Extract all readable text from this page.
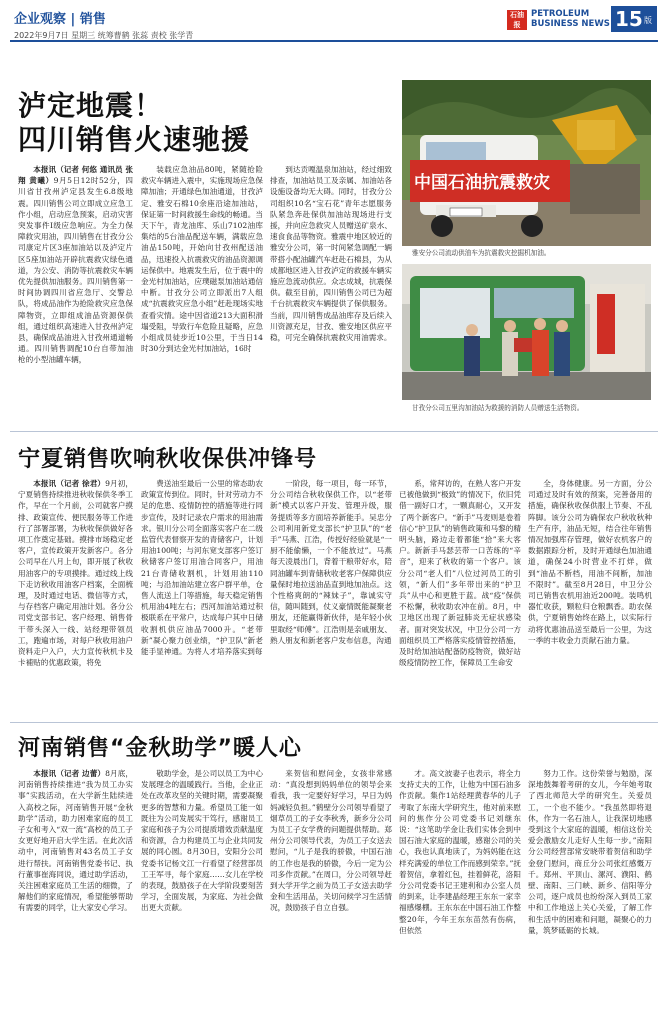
企业观察 | 销售
2022年9月7日 星期三 统筹曹鹤 张蕊 责校 张学青
石油报
PETROLEUM
BUSINESS NEWS 15 版
泸定地震！
四川销售火速驰援

本报讯（记者 何悠 通讯员 张翔 黄曦）9月5日12时52分，四川省甘孜州泸定县发生6.8级地震。四川销售公司立即成立应急工作小组，启动应急预案，启动灾害突发事件Ⅰ级应急响应。为全力保障救灾用油，四川销售在甘孜分公司康定片区3座加油站以及泸定片区5座加油站开辟抗震救灾绿色通道，为公安、消防等抗震救灾车辆优先提供加油服务。四川销售第一时间协调四川省应急厅、交警总队，将成品油作为抢险救灾应急保障物资，立即组成油品资源保供组，通过组织高速进入甘孜州泸定县，确保成品油进入甘孜州通道畅通。四川销售调配10台自带加油枪的小型油罐车辆，

装载应急油品80吨，紧随抢险救灾车辆进入震中，实施现场应急保障加油；开通绿色加油通道，甘孜泸定、雅安石棉10余座沿途加油站，保证第一时间救援生命线的畅通。当天下午，青龙油库、乐山7102油库集结的5台油品配送车辆，满载应急油品150吨，开始向甘孜州配送油品，迅速投入抗震救灾的油品资源调运保供中。地震发生后，位于震中的金光村加油站，应璞磁泵加油站通信中断。甘孜分公司立即派出7人组成“抗震救灾应急小组”赶赴现场实地查看灾情。途中因省道213大面积滑塌受阻，导致行车危险且疑略，应急小组成员徒步近10公里，于当日14时30分到达金光村加油站，16时

到达贡嘎温泉加油站，经过细致排查，加油站员工及亲属、加油站各设施设备均无大碍。同时，甘孜分公司组织10名“宝石花”青年志愿服务队紧急奔赴保供加油站现场进行支援，并向应急救灾人员赠送矿泉水、速食食品等物资。雅震中地区较近的雅安分公司，第一时间紧急调配一辆带搭小配油罐汽车赶赴石棉县，为从成都地区进入甘孜泸定的救援车辆实施应急流动供应。众志成城，抗震保供。截至目前，四川销售公司已为超千台抗震救灾车辆提供了保供服务。当前，四川销售成品油库存及后续入川资源充足，甘孜、雅安地区供应平稳，可完全确保抗震救灾用油需求。

中国石油抗震救灾
雅安分公司流动供油车为抗震救灾挖掘机加油。
甘孜分公司五里沟加油站为救援的消防人员赠送生活物资。
宁夏销售吹响秋收保供冲锋号

本报讯（记者 徐君）9月初，宁夏销售持续推进秋收保供冬季工作，早在一个月前，公司就客户摸排、政策宣传、便民服务等工作进行了部署部署，为秋收保供做好各项工作奠定基础。摸排市场稳定老客户，宣传政策开发新客户。各分公司早在八月上旬，即开展了秋收用油客户的专项摸排。通过线上线下走访秋收用油客户档案，全面梳理，及时通过电话、微信等方式，与存档客户确定用油计划。各分公司党支部书记、客户经理、销售骨干带头深入一线、站经理带领员工，跑遍市场，对每户秋收用油户资料走户入户，大力宣传秋机卡及卡補贴的优惠政策，将免

费送油至最后一公里的常态助农政策宣传到位。同时，针对劳动力不足的危患、疫情防控的措施等进行同步宣传，及时记录农户需求的用油需求。银川分公司全面落实客户在二级监管代表督察开发的青储客户，计划用油100吨；与河东宽支部客户签订秋储客户签订用油合同客户，用油21台青储收割机，计划用油110吨；与沿加油站建立客户群平单，仓售人流送上门等措施，每天稳定销售机用油4吨左右；西河加油站通过积极联系在平常户，达成每户其中日储收割机供应油品7000升。“老带新”凝心聚力创业绩，“护卫队”新老能手显神通。为将人才培养落实到每

一阶段，每一项目，每一环节，分公司结合秋收保供工作，以“老带新”模式以客户开发、管理升级，服务提质等多方面培养新能手。吴忠分公司利用新党支部长“护卫队”的“老手”马燕、江浩，传授好经验就是“一厨不能偷懒，一个不能放过”。马燕每天凌晨出门，背着干粮带好水，陪同油罐车到青储秋收老客户保障供应量保时地拉送油品直到地加油点。这个性格爽朗的“辣妹子”，靠诚实守信，随叫随到，仗义豪情既能凝聚老朋友，还能赢得新伙伴，是年轻小伙里取经“师傅”。江浩则是亲戚朋友、熟人朋友和新老客户发布信息，沟通

系，常拜访的，在熟人客户开发已被他做到“极致”的情况下，依旧凭借一副好口才，一颗真耐心，又开发了两个新客户。“新手”马麦则是卷着信心“护卫队”的销售政策和马黎的精明头脑，路边走着都能“拾”来大客户。新新手马瑟芸带一口苦练的“辛音”，迎来了秋收的第一个客户。该分公司“老人们”八位过河员工的引领，“新人们”多年带出来的“护卫兵”从中心和更胜于蓝。战“疫”保供不松懈，秋收助农冲在前。8月，中卫地区出现了新冠肺炎无症状感染者。面对突发状况，中卫分公司一方面组织员工严格落实疫情管控措施，及时给加油站配备防疫物资，做好站级疫情防控工作，保障员工生命安

全，身体健康。另一方面，分公司通过及时有效的预案，完善备用的措施，确保秋收保供服上节奏、不乱阵脚。该分公司为确保农户秋收秋种生产有序，油品无短，结合往年销售情况加强库存管理，做好农机客户的数据跟踪分析，及时开通绿色加油通道，确保24小时营业不打烊，做到“油品不断档，用油不间断，加油不限时”。截至8月28日，中卫分公司已销售农机用油近200吨。装鸣机器忙收获，颗粒归仓粮飘香。助农保供，宁夏销售始终在路上，以实际行动将优惠油品送至最后一公里，为这一季的丰收金力贡献石油力量。

河南销售“金秋助学”暖人心

本报讯（记者 边蕾）8月底，河南销售持续推进“我为员工办实事”实践活动，在大学新生陆续进入高校之际，河南销售开展“金秋助学”活动，助力困难家庭的员工子女和考入“双一流”高校的员工子女更好地开启大学生活。在此次活动中，河南销售对43名员工子女进行帮扶。河南销售党委书记、执行董事崔海同说，通过助学活动，关注困难家庭员工生活的细微，了解他们的家庭情况，希望能够帮助有需要的同学，让大家安心学习。

敬助学金，是公司以员工为中心发展理念的温暖践行。当他，企业正处在改革攻坚的关键时期，需要凝聚更多的智慧和力量。希望员工能一如既往为公司发展实干笃行，感谢员工家庭和孩子为公司提质增效贡献温度和资源，合力构建员工与企业共同发展的同心圆。8月30日，安阳分公司党委书记杨文江一行看望了经营部员工王军寻，每个家庭……女儿在学校的表现，鼓励孩子在大学阶段要刻苦学习，全面发展，为家庭、为社会做出更大贡献。

来贺信和慰问金，女孩非常感动：“真没想到妈妈单位的领导会来看我，我一定要好好学习，早日为妈妈减轻负担。”鹤壁分公司领导看望了烟草员工的子女李秋秀，新乡分公司为员工子女学费的问题提供帮助。郑州分公司领导代表，为员工子女送去慰问，“儿子是我的骄傲，中国石油的工作也是我的骄傲，今后一定为公司多作贡献。”在周口，分公司领导赶到大学开学之前为员工子女送去助学金和生活用品，关切问候学习生活情况，鼓励孩子自立自强。

才。高文波妻子也表示，将全力支持丈夫的工作，让他为中国石油多作贡献。集作1站经理黄春华的儿子考取了东南大学研究生，他对前来慰问的焦作分公司党委书记刘继东说：“这笔助学金让我们实体会到中国石油大家庭的温暖，感谢公司的关心，我也认真地读了，为妈妈能在这样充满爱的单位工作而感到荣幸。”抚着贺信，拿着红包，挂着鲜花，洛阳分公司党委书记王建利和办公室人员的到来，让李建晶经理王东东一家幸福感爆棚。王东东在中国石油工作整整20年，今年王东东苗然有伤病，但依然

努力工作。这份荣誉与勉励，深深地鼓舞着考研的女儿，今年她考取了西北师范大学的研究生。关爱员工，一个也不能少。“我虽然即将退休，作为一名石油人，让我深切地感受到这个大家庭的温暖，相信这份关爱会激励女儿走好人生每一步。”南阳分公司经营部常安晓带着贺信和助学金登门慰问，商丘分公司张红感慨万千。郑州、平顶山、漯河、濮阳、鹤壁、南阳、三门峡、新乡、信阳等分公司，逐户成员也纷纷深入到员工家中和工作地送上关心关爱，了解工作和生活中的困难和问题，凝聚心的力量，筑梦砥砺的长城。
